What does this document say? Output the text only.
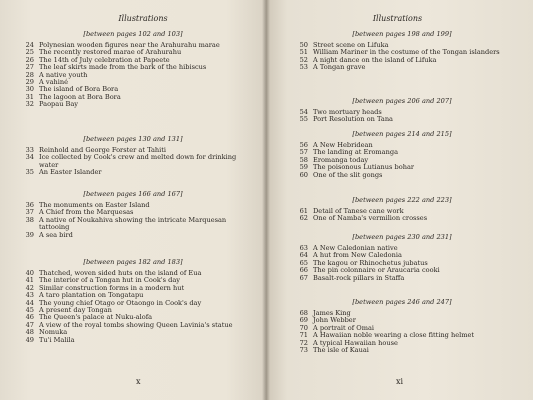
Illustrations
[between pages 102 and 103]
24 Polynesian wooden figures near the Arahurahu marae
25 The recently restored marae of Arahurahu
26 The 14th of July celebration at Papeete
27 The leaf skirts made from the bark of the hibiscus
28 A native youth
29 A vahiné
30 The island of Bora Bora
31 The lagoon at Bora Bora
32 Paopau Bay
[between pages 130 and 131]
33 Reinhold and George Forster at Tahiti
34 Ice collected by Cook's crew and melted down for drinking water
35 An Easter Islander
[between pages 166 and 167]
36 The monuments on Easter Island
37 A Chief from the Marquesas
38 A native of Noukahiva showing the intricate Marquesan tattooing
39 A sea bird
[between pages 182 and 183]
40 Thatched, woven sided huts on the island of Eua
41 The interior of a Tongan hut in Cook's day
42 Similar construction forms in a modern hut
43 A taro plantation on Tongatapu
44 The young chief Otago or Otaongo in Cook's day
45 A present day Tongan
46 The Queen's palace at Nuku-alofa
47 A view of the royal tombs showing Queen Lavinia's statue
48 Nomuka
49 Tu'i Malila
x
Illustrations
[between pages 198 and 199]
50 Street scene on Lifuka
51 William Mariner in the costume of the Tongan islanders
52 A night dance on the island of Lifuka
53 A Tongan grave
[between pages 206 and 207]
54 Two mortuary heads
55 Port Resolution on Tana
[between pages 214 and 215]
56 A New Hebridean
57 The landing at Eromanga
58 Eromanga today
59 The poisonous Lutianus bohar
60 One of the slit gongs
[between pages 222 and 223]
61 Detail of Tanese cane work
62 One of Namba's vermilion crosses
[between pages 230 and 231]
63 A New Caledonian native
64 A hut from New Caledonia
65 The kagou or Rhinochetus jubatus
66 The pin colonnaire or Araucaria cooki
67 Basalt-rock pillars in Staffa
[between pages 246 and 247]
68 James King
69 John Webber
70 A portrait of Omai
71 A Hawaiian noble wearing a close fitting helmet
72 A typical Hawaiian house
73 The isle of Kauai
xi
